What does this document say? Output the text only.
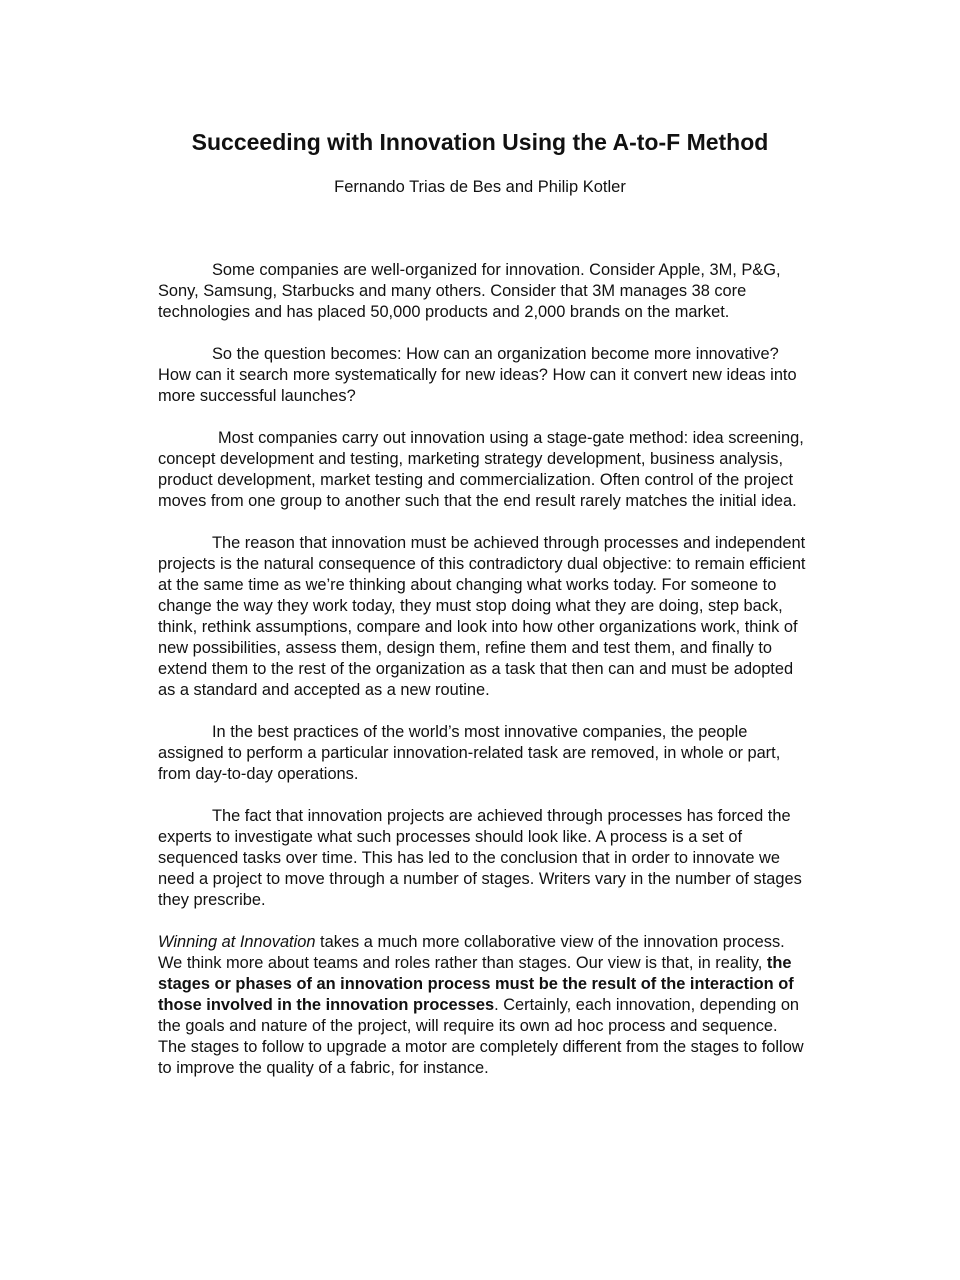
Succeeding with Innovation Using the A-to-F Method
Fernando Trias de Bes and Philip Kotler

Some companies are well-organized for innovation. Consider Apple, 3M, P&G, Sony, Samsung, Starbucks and many others. Consider that 3M manages 38 core technologies and has placed 50,000 products and 2,000 brands on the market.

So the question becomes: How can an organization become more innovative? How can it search more systematically for new ideas? How can it convert new ideas into more successful launches?

Most companies carry out innovation using a stage-gate method: idea screening, concept development and testing, marketing strategy development, business analysis, product development, market testing and commercialization. Often control of the project moves from one group to another such that the end result rarely matches the initial idea.

The reason that innovation must be achieved through processes and independent projects is the natural consequence of this contradictory dual objective: to remain efficient at the same time as we’re thinking about changing what works today. For someone to change the way they work today, they must stop doing what they are doing, step back, think, rethink assumptions, compare and look into how other organizations work, think of new possibilities, assess them, design them, refine them and test them, and finally to extend them to the rest of the organization as a task that then can and must be adopted as a standard and accepted as a new routine.

In the best practices of the world’s most innovative companies, the people assigned to perform a particular innovation-related task are removed, in whole or part, from day-to-day operations.

The fact that innovation projects are achieved through processes has forced the experts to investigate what such processes should look like. A process is a set of sequenced tasks over time. This has led to the conclusion that in order to innovate we need a project to move through a number of stages. Writers vary in the number of stages they prescribe.

Winning at Innovation takes a much more collaborative view of the innovation process. We think more about teams and roles rather than stages. Our view is that, in reality, the stages or phases of an innovation process must be the result of the interaction of those involved in the innovation processes. Certainly, each innovation, depending on the goals and nature of the project, will require its own ad hoc process and sequence. The stages to follow to upgrade a motor are completely different from the stages to follow to improve the quality of a fabric, for instance.
